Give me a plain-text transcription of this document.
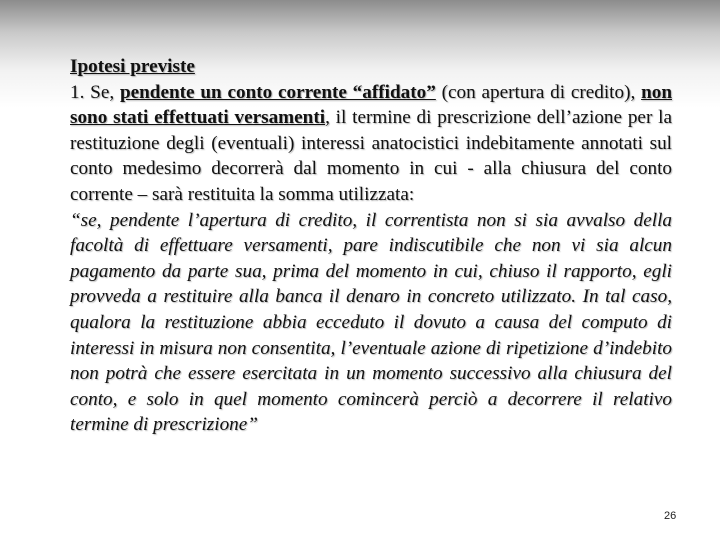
Ipotesi previste

1. Se, pendente un conto corrente “affidato” (con apertura di credito), non sono stati effettuati versamenti, il termine di prescrizione dell’azione per la restituzione degli (eventuali) interessi anatocistici indebitamente annotati sul conto medesimo decorrerà dal momento in cui - alla chiusura del conto corrente – sarà restituita la somma utilizzata:

“se, pendente l’apertura di credito, il correntista non si sia avvalso della facoltà di effettuare versamenti, pare indiscutibile che non vi sia alcun pagamento da parte sua, prima del momento in cui, chiuso il rapporto, egli provveda a restituire alla banca il denaro in concreto utilizzato. In tal caso, qualora la restituzione abbia ecceduto il dovuto a causa del computo di interessi in misura non consentita, l’eventuale azione di ripetizione d’indebito non potrà che essere esercitata in un momento successivo alla chiusura del conto, e solo in quel momento comincerà perciò a decorrere il relativo termine di prescrizione”

26
